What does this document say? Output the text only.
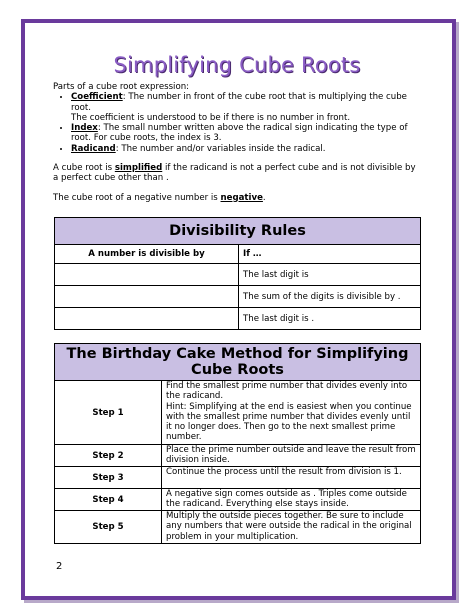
Simplifying Cube Roots

Parts of a cube root expression:

• Coefficient: The number in front of the cube root that is multiplying the cube root.
The coefficient is understood to be if there is no number in front.
• Index: The small number written above the radical sign indicating the type of root. For cube roots, the index is 3.
• Radicand: The number and/or variables inside the radical.

A cube root is simplified if the radicand is not a perfect cube and is not divisible by a perfect cube other than .

The cube root of a negative number is negative.

Divisibility Rules	
A number is divisible by	If …
	The last digit is
	The sum of the digits is divisible by .
	The last digit is .
The Birthday Cake Method for Simplifying Cube Roots	
Step 1	Find the smallest prime number that divides evenly into the radicand.
Hint: Simplifying at the end is easiest when you continue with the smallest prime number that divides evenly until it no longer does. Then go to the next smallest prime number.
Step 2	Place the prime number outside and leave the result from division inside.
Step 3	Continue the process until the result from division is 1.
Step 4	A negative sign comes outside as . Triples come outside the radicand. Everything else stays inside.
Step 5	Multiply the outside pieces together. Be sure to include any numbers that were outside the radical in the original problem in your multiplication.
2
